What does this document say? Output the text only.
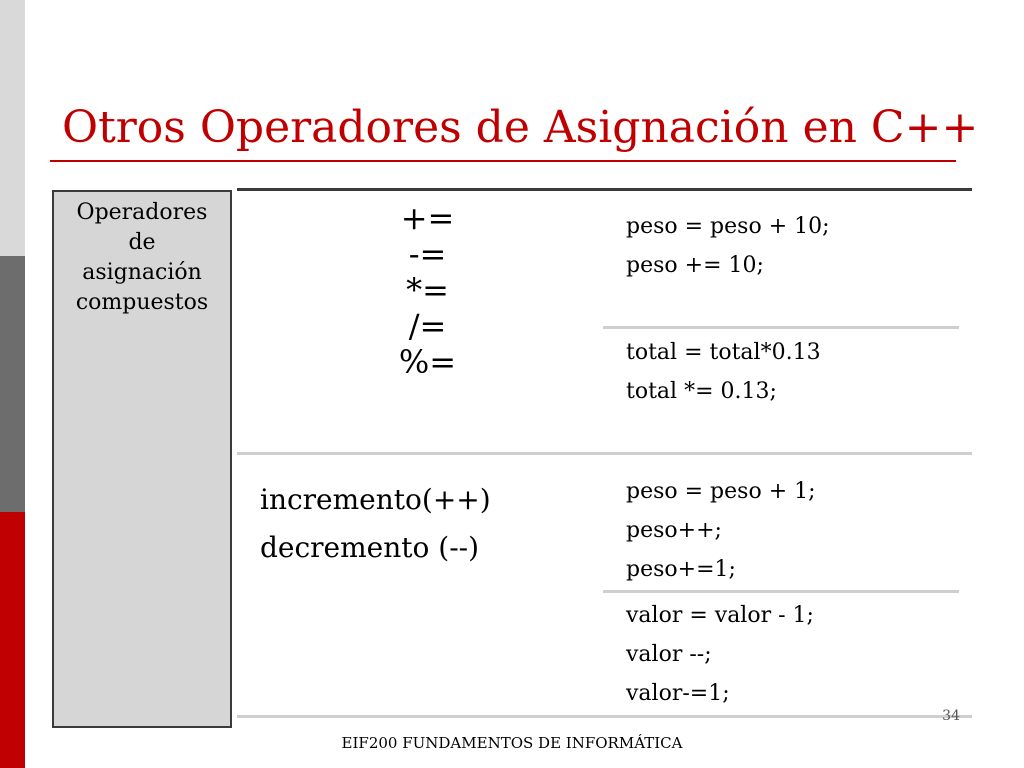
Otros Operadores de Asignación en C++
Operadores
de
asignación
compuestos
+=
-=
*=
/=
%=
incremento(++)
decremento (--)
peso = peso + 10;
peso += 10;
total = total*0.13
total *= 0.13;
peso = peso + 1;
peso++;
peso+=1;
valor = valor - 1;
valor --;
valor-=1;
34
EIF200 FUNDAMENTOS DE INFORMÁTICA
